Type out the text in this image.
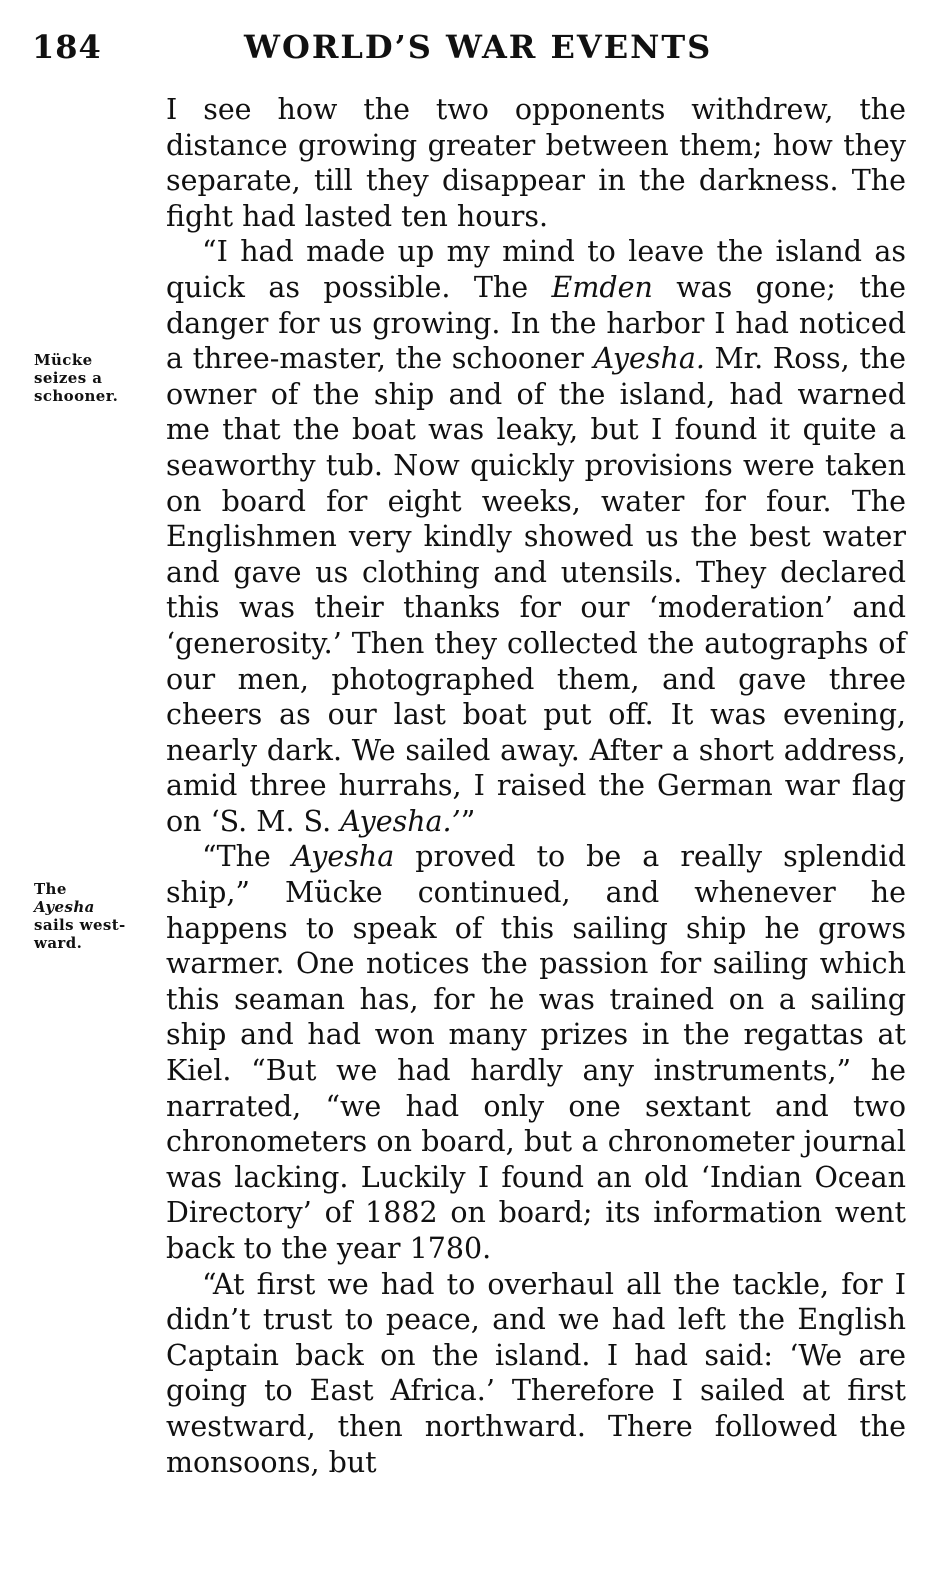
184	WORLD’S WAR EVENTS
Mücke
seizes a
schooner.
The
Ayesha
sails west-
ward.

I see how the two opponents withdrew, the distance growing greater between them; how they separate, till they disappear in the darkness. The fight had lasted ten hours.

“I had made up my mind to leave the island as quick as possible. The Emden was gone; the danger for us growing. In the harbor I had noticed a three-master, the schooner Ayesha. Mr. Ross, the owner of the ship and of the island, had warned me that the boat was leaky, but I found it quite a seaworthy tub. Now quickly provisions were taken on board for eight weeks, water for four. The Englishmen very kindly showed us the best water and gave us clothing and utensils. They declared this was their thanks for our ‘moderation’ and ‘generosity.’ Then they collected the autographs of our men, photographed them, and gave three cheers as our last boat put off. It was evening, nearly dark. We sailed away. After a short address, amid three hurrahs, I raised the German war flag on ‘S. M. S. Ayesha.’”

“The Ayesha proved to be a really splendid ship,” Mücke continued, and whenever he happens to speak of this sailing ship he grows warmer. One notices the passion for sailing which this seaman has, for he was trained on a sailing ship and had won many prizes in the regattas at Kiel. “But we had hardly any instruments,” he narrated, “we had only one sextant and two chronometers on board, but a chronometer journal was lacking. Luckily I found an old ‘Indian Ocean Directory’ of 1882 on board; its information went back to the year 1780.

“At first we had to overhaul all the tackle, for I didn’t trust to peace, and we had left the English Captain back on the island. I had said: ‘We are going to East Africa.’ Therefore I sailed at first westward, then northward. There followed the monsoons, but
